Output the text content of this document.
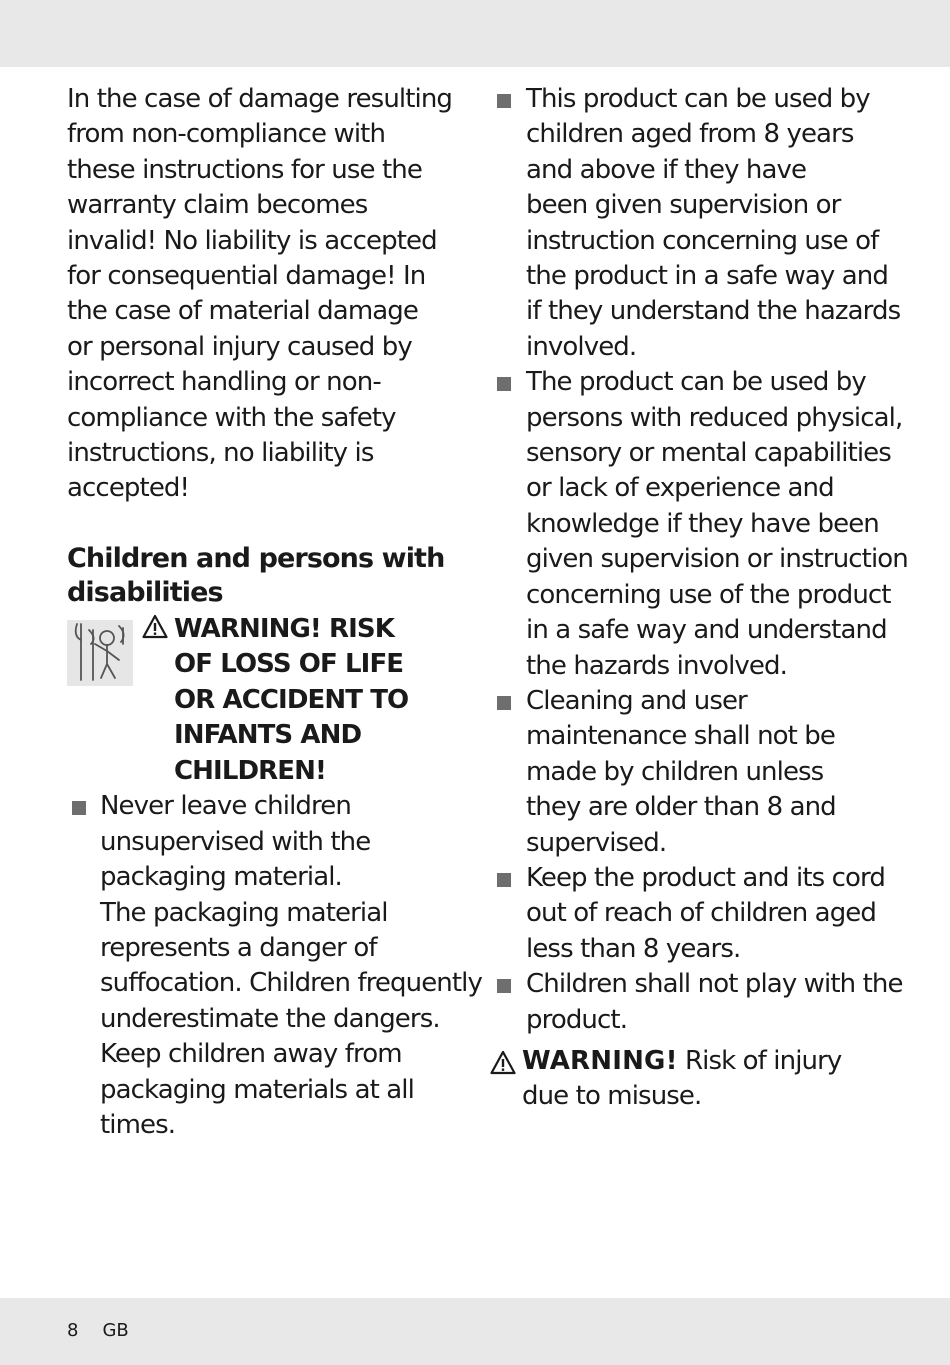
In the case of damage resulting
from non-compliance with
these instructions for use the
warranty claim becomes
invalid! No liability is accepted
for consequential damage! In
the case of material damage
or personal injury caused by
incorrect handling or non-
compliance with the safety
instructions, no liability is
accepted!

Children and persons with
disabilities
WARNING! RISK
OF LOSS OF LIFE
OR ACCIDENT TO
INFANTS AND
CHILDREN!
Never leave children
unsupervised with the
packaging material.
The packaging material
represents a danger of
suffocation. Children frequently
underestimate the dangers.
Keep children away from
packaging materials at all
times.
This product can be used by
children aged from 8 years
and above if they have
been given supervision or
instruction concerning use of
the product in a safe way and
if they understand the hazards
involved.
The product can be used by
persons with reduced physical,
sensory or mental capabilities
or lack of experience and
knowledge if they have been
given supervision or instruction
concerning use of the product
in a safe way and understand
the hazards involved.
Cleaning and user
maintenance shall not be
made by children unless
they are older than 8 and
supervised.
Keep the product and its cord
out of reach of children aged
less than 8 years.
Children shall not play with the
product.
WARNING! Risk of injury
due to misuse.
8 GB
